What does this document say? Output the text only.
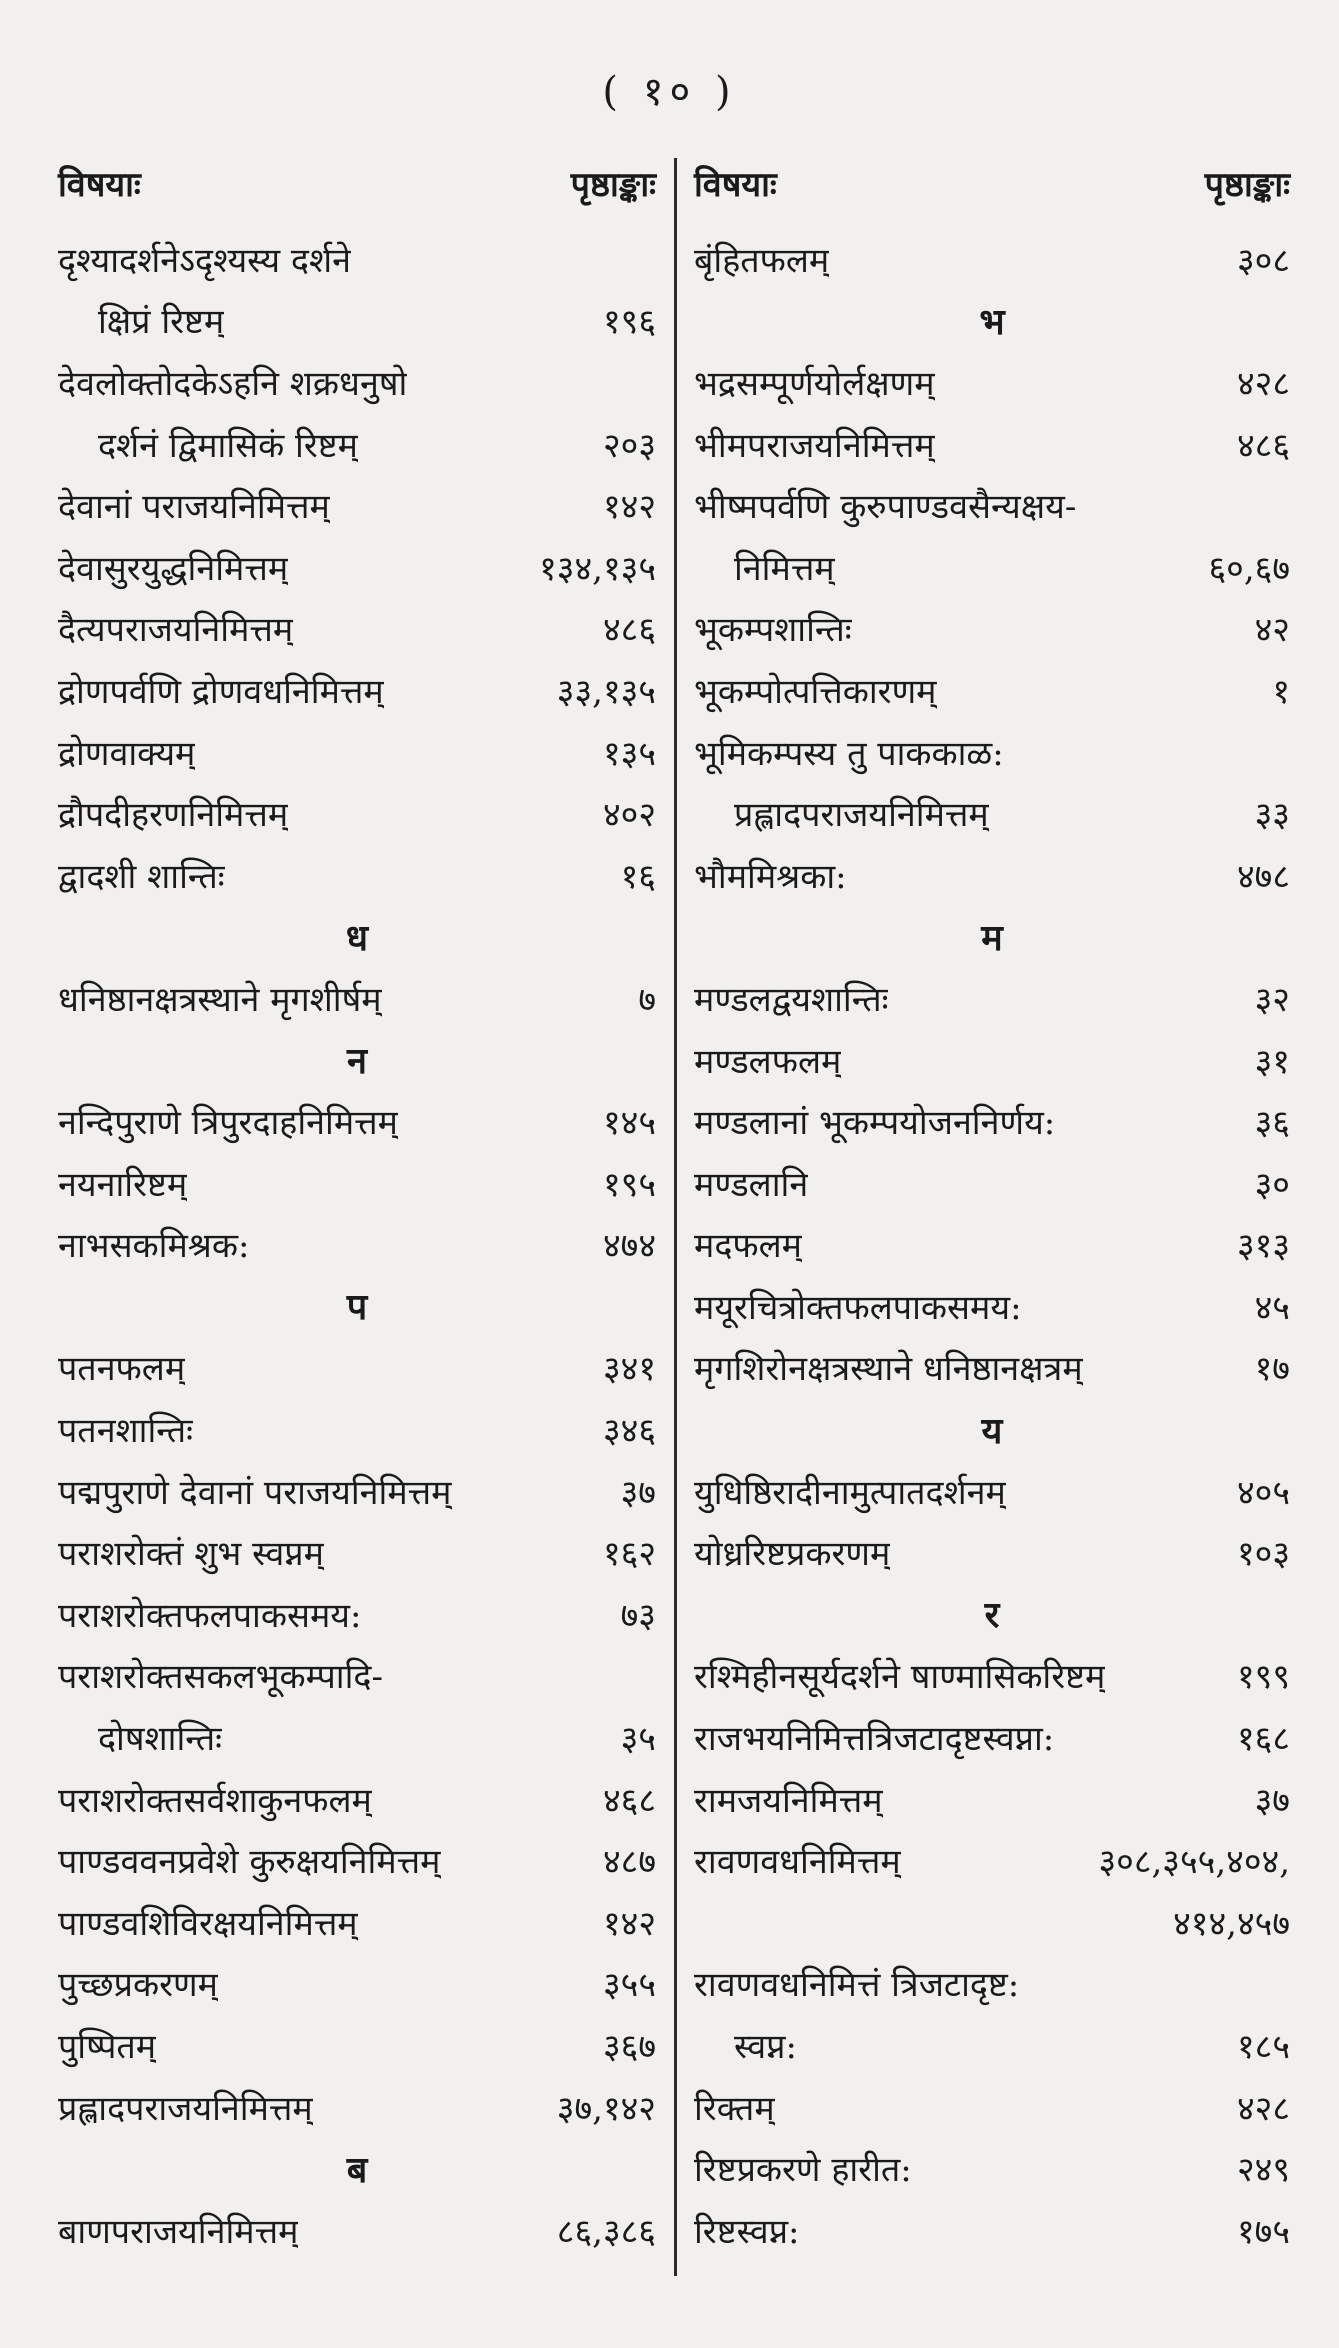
( १० )
विषयाः	पृष्ठाङ्काः
दृश्यादर्शनेऽदृश्यस्य दर्शने
क्षिप्रं रिष्टम्	१९६
देवलोक्तोदकेऽहनि शक्रधनुषो
दर्शनं द्विमासिकं रिष्टम्	२०३
देवानां पराजयनिमित्तम्	१४२
देवासुरयुद्धनिमित्तम्	१३४,१३५
दैत्यपराजयनिमित्तम्	४८६
द्रोणपर्वणि द्रोणवधनिमित्तम्	३३,१३५
द्रोणवाक्यम्	१३५
द्रौपदीहरणनिमित्तम्	४०२
द्वादशी शान्तिः	१६
ध
धनिष्ठानक्षत्रस्थाने मृगशीर्षम्	७
न
नन्दिपुराणे त्रिपुरदाहनिमित्तम्	१४५
नयनारिष्टम्	१९५
नाभसकमिश्रक:	४७४
प
पतनफलम्	३४१
पतनशान्तिः	३४६
पद्मपुराणे देवानां पराजयनिमित्तम्	३७
पराशरोक्तं शुभ स्वप्नम्	१६२
पराशरोक्तफलपाकसमय:	७३
पराशरोक्तसकलभूकम्पादि-
दोषशान्तिः	३५
पराशरोक्तसर्वशाकुनफलम्	४६८
पाण्डववनप्रवेशे कुरुक्षयनिमित्तम्	४८७
पाण्डवशिविरक्षयनिमित्तम्	१४२
पुच्छप्रकरणम्	३५५
पुष्पितम्	३६७
प्रह्लादपराजयनिमित्तम्	३७,१४२
ब
बाणपराजयनिमित्तम्	८६,३८६
विषयाः	पृष्ठाङ्काः
बृंहितफलम्	३०८
भ
भद्रसम्पूर्णयोर्लक्षणम्	४२८
भीमपराजयनिमित्तम्	४८६
भीष्मपर्वणि कुरुपाण्डवसैन्यक्षय-
निमित्तम्	६०,६७
भूकम्पशान्तिः	४२
भूकम्पोत्पत्तिकारणम्	१
भूमिकम्पस्य तु पाककाळ:
प्रह्लादपराजयनिमित्तम्	३३
भौममिश्रका:	४७८
म
मण्डलद्वयशान्तिः	३२
मण्डलफलम्	३१
मण्डलानां भूकम्पयोजननिर्णय:	३६
मण्डलानि	३०
मदफलम्	३१३
मयूरचित्रोक्तफलपाकसमय:	४५
मृगशिरोनक्षत्रस्थाने धनिष्ठानक्षत्रम्	१७
य
युधिष्ठिरादीनामुत्पातदर्शनम्	४०५
योध्ररिष्टप्रकरणम्	१०३
र
रश्मिहीनसूर्यदर्शने षाण्मासिकरिष्टम्	१९९
राजभयनिमित्तत्रिजटादृष्टस्वप्ना:	१६८
रामजयनिमित्तम्	३७
रावणवधनिमित्तम्	३०८,३५५,४०४,
४१४,४५७
रावणवधनिमित्तं त्रिजटादृष्ट:
स्वप्न:	१८५
रिक्तम्	४२८
रिष्टप्रकरणे हारीत:	२४९
रिष्टस्वप्न:	१७५
